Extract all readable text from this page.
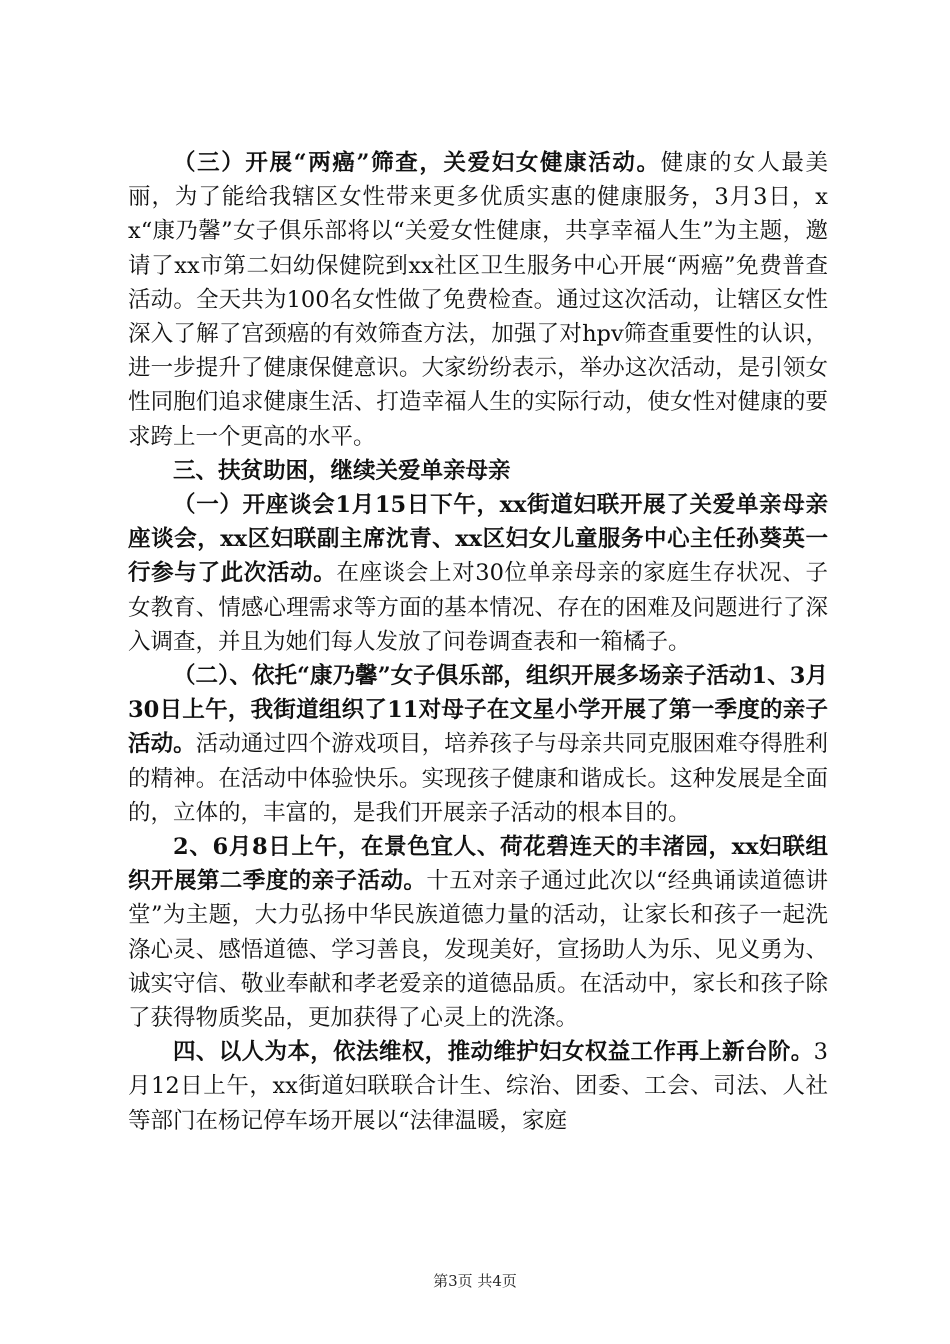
（三）开展“两癌”筛查，关爱妇女健康活动。健康的女人最美丽，为了能给我辖区女性带来更多优质实惠的健康服务，3月3日，xx“康乃馨”女子俱乐部将以“关爱女性健康，共享幸福人生”为主题，邀请了xx市第二妇幼保健院到xx社区卫生服务中心开展“两癌”免费普查活动。全天共为100名女性做了免费检查。通过这次活动，让辖区女性深入了解了宫颈癌的有效筛查方法，加强了对hpv筛查重要性的认识，进一步提升了健康保健意识。大家纷纷表示，举办这次活动，是引领女性同胞们追求健康生活、打造幸福人生的实际行动，使女性对健康的要求跨上一个更高的水平。

三、扶贫助困，继续关爱单亲母亲

（一）开座谈会1月15日下午，xx街道妇联开展了关爱单亲母亲座谈会，xx区妇联副主席沈青、xx区妇女儿童服务中心主任孙葵英一行参与了此次活动。在座谈会上对30位单亲母亲的家庭生存状况、子女教育、情感心理需求等方面的基本情况、存在的困难及问题进行了深入调查，并且为她们每人发放了问卷调查表和一箱橘子。

（二）、依托“康乃馨”女子俱乐部，组织开展多场亲子活动1、3月30日上午，我街道组织了11对母子在文星小学开展了第一季度的亲子活动。活动通过四个游戏项目，培养孩子与母亲共同克服困难夺得胜利的精神。在活动中体验快乐。实现孩子健康和谐成长。这种发展是全面的，立体的，丰富的，是我们开展亲子活动的根本目的。

2、6月8日上午，在景色宜人、荷花碧连天的丰渚园，xx妇联组织开展第二季度的亲子活动。十五对亲子通过此次以“经典诵读道德讲堂”为主题，大力弘扬中华民族道德力量的活动，让家长和孩子一起洗涤心灵、感悟道德、学习善良，发现美好，宣扬助人为乐、见义勇为、诚实守信、敬业奉献和孝老爱亲的道德品质。在活动中，家长和孩子除了获得物质奖品，更加获得了心灵上的洗涤。

四、以人为本，依法维权，推动维护妇女权益工作再上新台阶。3月12日上午，xx街道妇联联合计生、综治、团委、工会、司法、人社等部门在杨记停车场开展以“法律温暖，家庭

第3页 共4页
